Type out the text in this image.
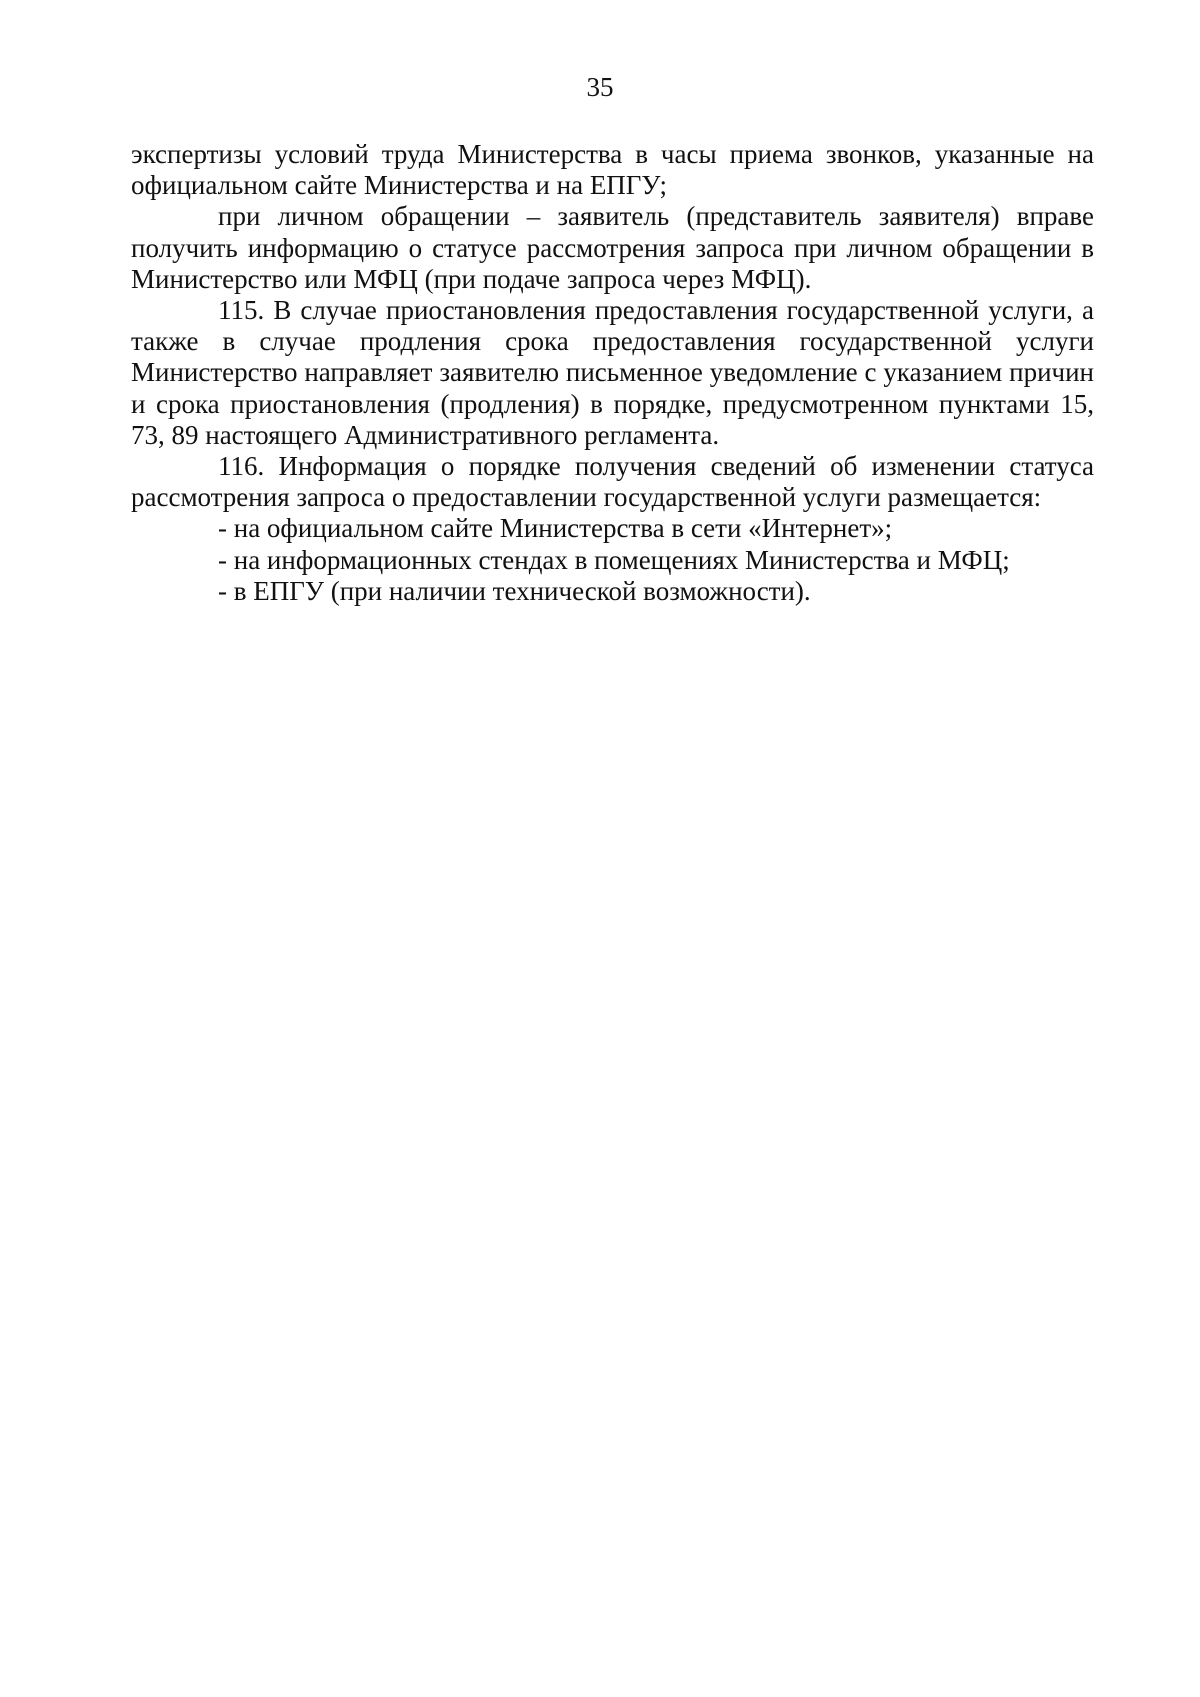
35

экспертизы условий труда Министерства в часы приема звонков, указанные на официальном сайте Министерства и на ЕПГУ;

при личном обращении – заявитель (представитель заявителя) вправе получить информацию о статусе рассмотрения запроса при личном обращении в Министерство или МФЦ (при подаче запроса через МФЦ).

115. В случае приостановления предоставления государственной услуги, а также в случае продления срока предоставления государственной услуги Министерство направляет заявителю письменное уведомление с указанием причин и срока приостановления (продления) в порядке, предусмотренном пунктами 15, 73, 89 настоящего Административного регламента.

116. Информация о порядке получения сведений об изменении статуса рассмотрения запроса о предоставлении государственной услуги размещается:

- на официальном сайте Министерства в сети «Интернет»;

- на информационных стендах в помещениях Министерства и МФЦ;

- в ЕПГУ (при наличии технической возможности).
